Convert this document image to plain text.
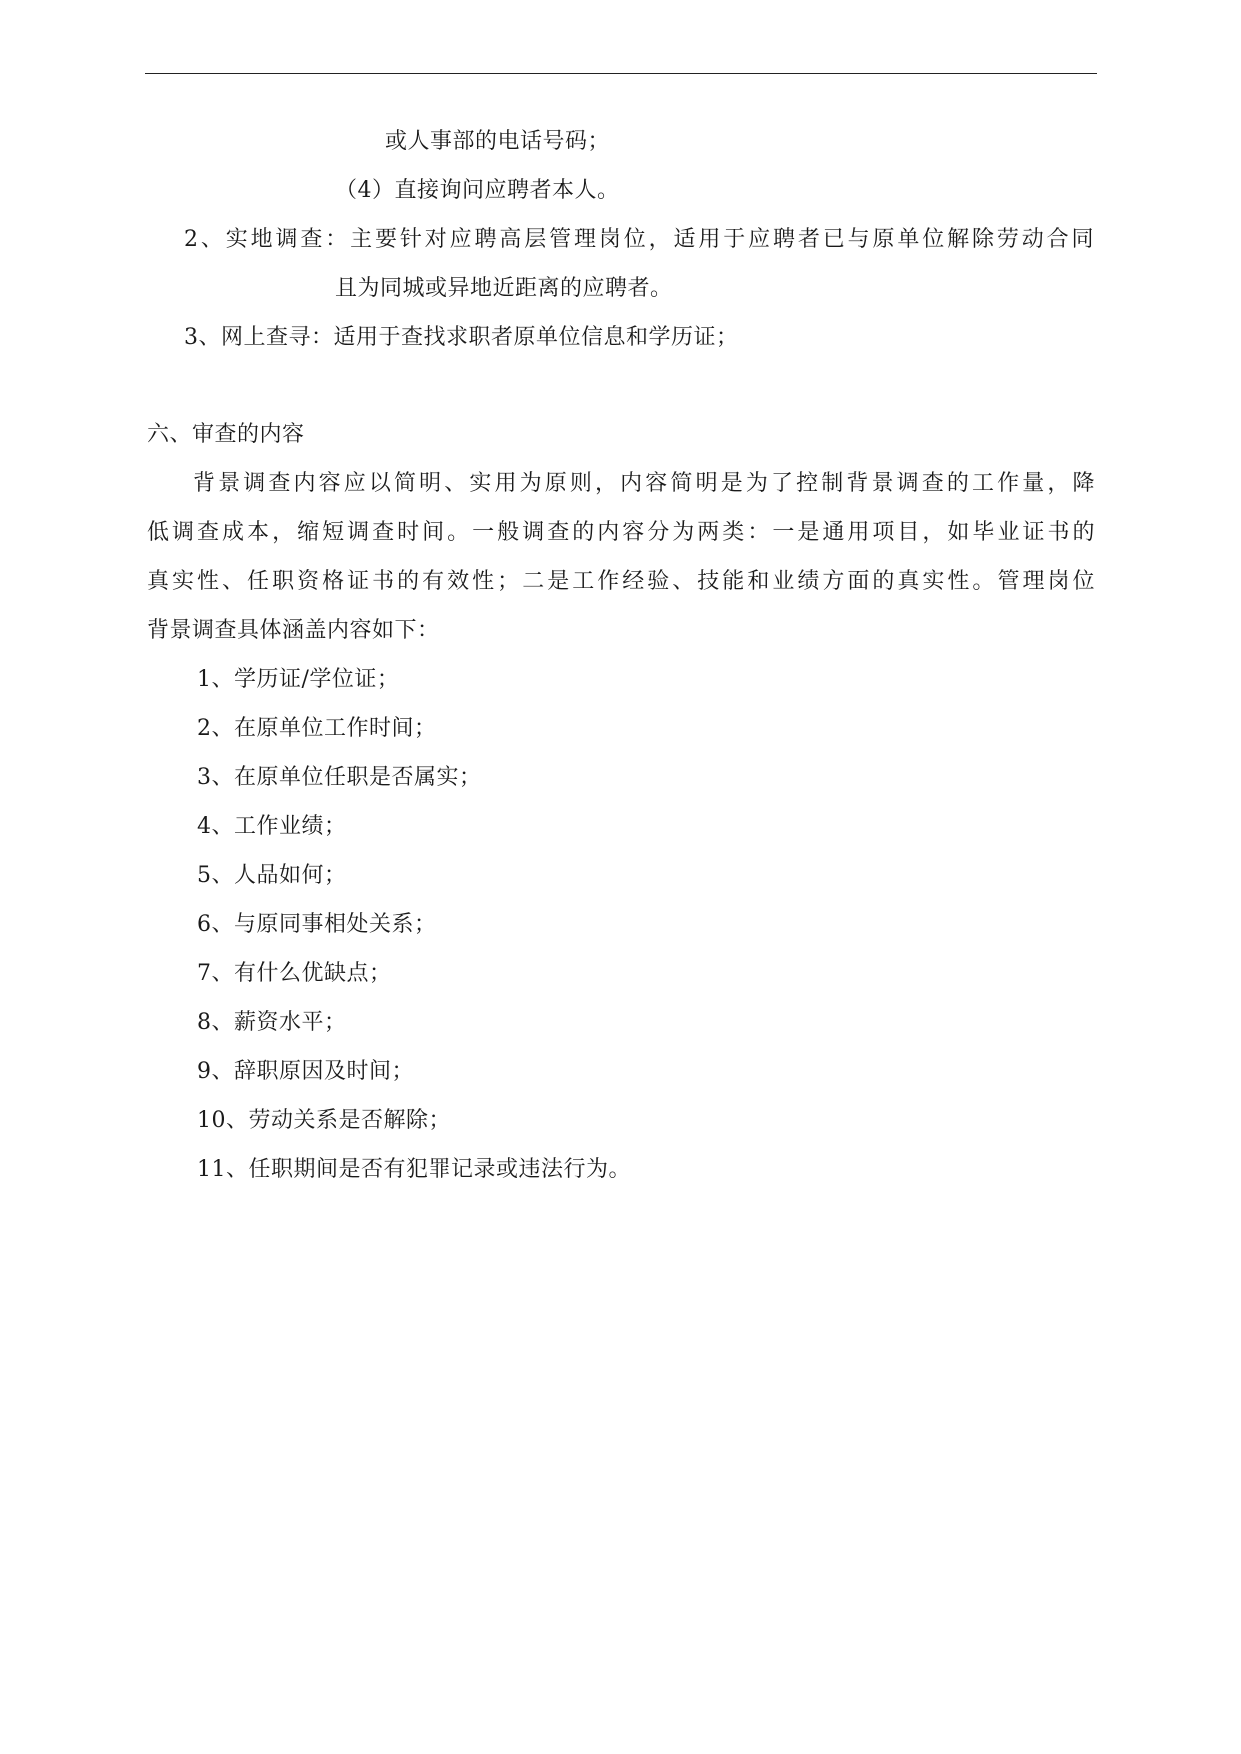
或人事部的电话号码；
（4）直接询问应聘者本人。
2、实地调查：主要针对应聘高层管理岗位，适用于应聘者已与原单位解除劳动合同
且为同城或异地近距离的应聘者。
3、网上查寻：适用于查找求职者原单位信息和学历证；
六、审查的内容
背景调查内容应以简明、实用为原则，内容简明是为了控制背景调查的工作量，降
低调查成本，缩短调查时间。一般调查的内容分为两类：一是通用项目，如毕业证书的
真实性、任职资格证书的有效性；二是工作经验、技能和业绩方面的真实性。管理岗位
背景调查具体涵盖内容如下：
1、学历证/学位证；
2、在原单位工作时间；
3、在原单位任职是否属实；
4、工作业绩；
5、人品如何；
6、与原同事相处关系；
7、有什么优缺点；
8、薪资水平；
9、辞职原因及时间；
10、劳动关系是否解除；
11、任职期间是否有犯罪记录或违法行为。
